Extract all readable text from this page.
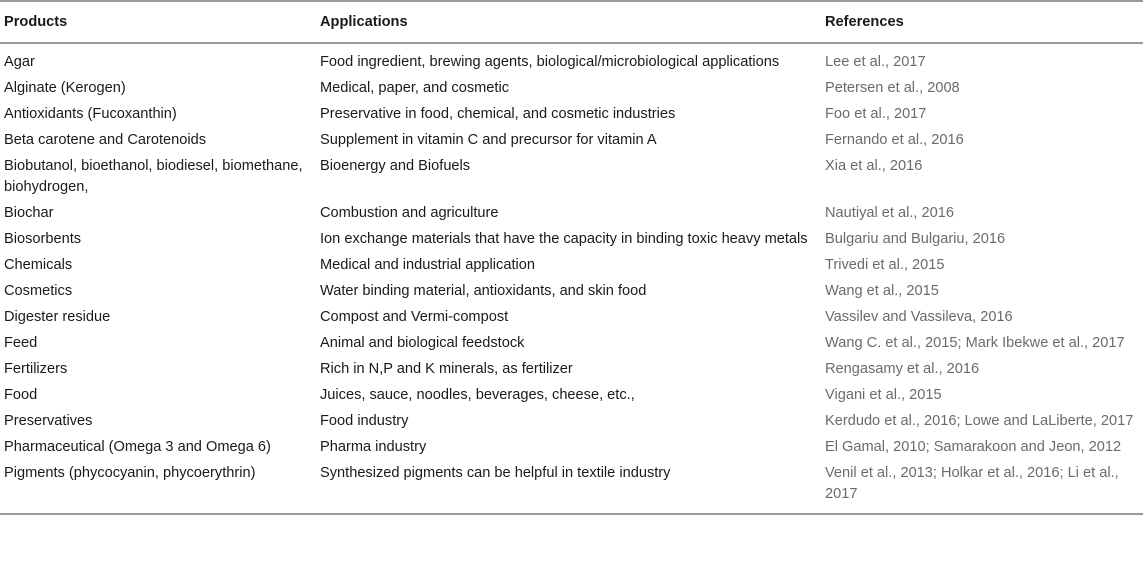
Products	Applications	References
Agar	Food ingredient, brewing agents, biological/microbiological applications	Lee et al., 2017
Alginate (Kerogen)	Medical, paper, and cosmetic	Petersen et al., 2008
Antioxidants (Fucoxanthin)	Preservative in food, chemical, and cosmetic industries	Foo et al., 2017
Beta carotene and Carotenoids	Supplement in vitamin C and precursor for vitamin A	Fernando et al., 2016
Biobutanol, bioethanol, biodiesel, biomethane, biohydrogen,	Bioenergy and Biofuels	Xia et al., 2016
Biochar	Combustion and agriculture	Nautiyal et al., 2016
Biosorbents	Ion exchange materials that have the capacity in binding toxic heavy metals	Bulgariu and Bulgariu, 2016
Chemicals	Medical and industrial application	Trivedi et al., 2015
Cosmetics	Water binding material, antioxidants, and skin food	Wang et al., 2015
Digester residue	Compost and Vermi-compost	Vassilev and Vassileva, 2016
Feed	Animal and biological feedstock	Wang C. et al., 2015; Mark Ibekwe et al., 2017
Fertilizers	Rich in N,P and K minerals, as fertilizer	Rengasamy et al., 2016
Food	Juices, sauce, noodles, beverages, cheese, etc.,	Vigani et al., 2015
Preservatives	Food industry	Kerdudo et al., 2016; Lowe and LaLiberte, 2017
Pharmaceutical (Omega 3 and Omega 6)	Pharma industry	El Gamal, 2010; Samarakoon and Jeon, 2012
Pigments (phycocyanin, phycoerythrin)	Synthesized pigments can be helpful in textile industry	Venil et al., 2013; Holkar et al., 2016; Li et al., 2017
